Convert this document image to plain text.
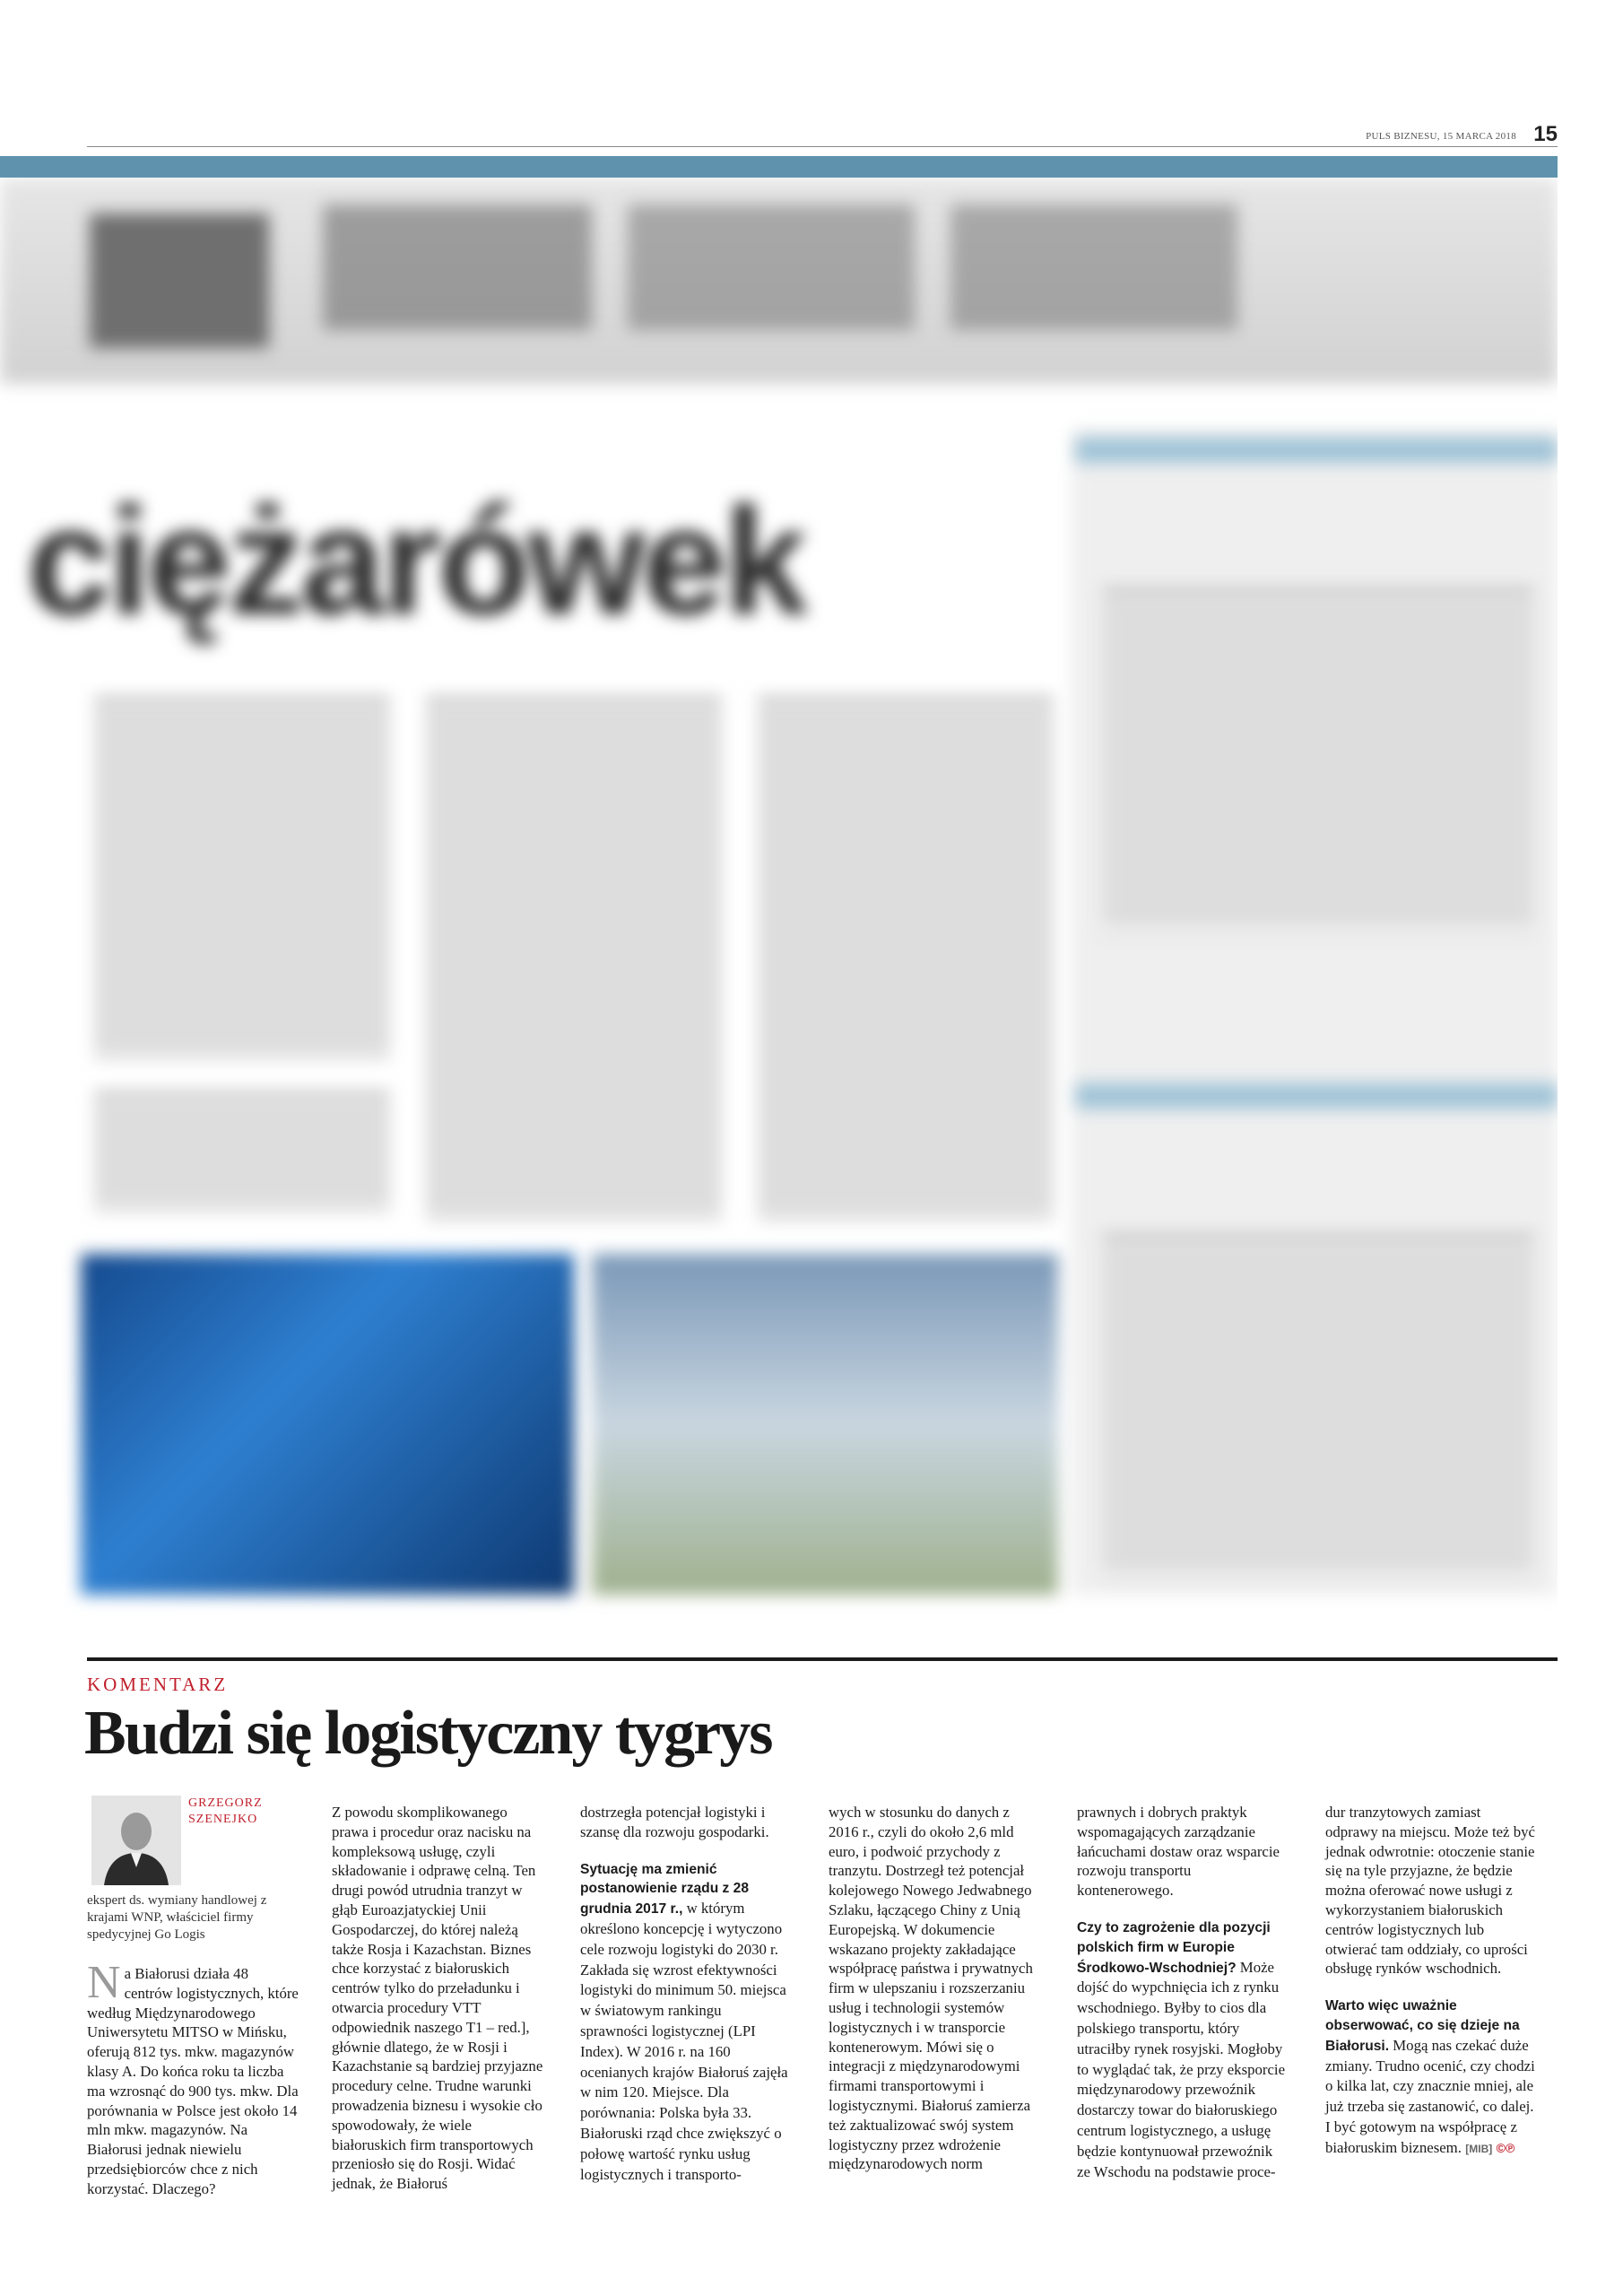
PULS BIZNESU, 15 MARCA 2018 15
ciężarówek
KOMENTARZ
Budzi się logistyczny tygrys
GRZEGORZ
SZENEJKO
ekspert ds. wymiany handlowej z krajami WNP, właściciel firmy spedycyjnej Go Logis
N a Białorusi działa 48 centrów logistycznych, które według Międzynarodowego Uniwersytetu MITSO w Mińsku, oferują 812 tys. mkw. magazynów klasy A. Do końca roku ta liczba ma wzrosnąć do 900 tys. mkw. Dla porównania w Polsce jest około 14 mln mkw. magazynów. Na Białorusi jednak niewielu przedsiębiorców chce z nich korzystać. Dlaczego?
Z powodu skomplikowanego prawa i procedur oraz nacisku na kompleksową usługę, czyli składowanie i odprawę celną. Ten drugi powód utrudnia tranzyt w głąb Euroazjatyckiej Unii Gospodarczej, do której należą także Rosja i Kazachstan. Biznes chce korzystać z białoruskich centrów tylko do przeładunku i otwarcia procedury VTT odpowiednik naszego T1 – red.], głównie dlatego, że w Rosji i Kazachstanie są bardziej przyjazne procedury celne. Trudne warunki prowadzenia biznesu i wysokie cło spowodowały, że wiele białoruskich firm transportowych przeniosło się do Rosji. Widać jednak, że Białoruś
dostrzegła potencjał logistyki i szansę dla rozwoju gospodarki.

Sytuację ma zmienić postanowienie rządu z 28 grudnia 2017 r., w którym określono koncepcję i wytyczono cele rozwoju logistyki do 2030 r. Zakłada się wzrost efektywności logistyki do minimum 50. miejsca w światowym rankingu sprawności logistycznej (LPI Index). W 2016 r. na 160 ocenianych krajów Białoruś zajęła w nim 120. Miejsce. Dla porównania: Polska była 33. Białoruski rząd chce zwiększyć o połowę wartość rynku usług logistycznych i transporto-

wych w stosunku do danych z 2016 r., czyli do około 2,6 mld euro, i podwoić przychody z tranzytu. Dostrzegł też potencjał kolejowego Nowego Jedwabnego Szlaku, łączącego Chiny z Unią Europejską. W dokumencie wskazano projekty zakładające współpracę państwa i prywatnych firm w ulepszaniu i rozszerzaniu usług i technologii systemów logistycznych i w transporcie kontenerowym. Mówi się o integracji z międzynarodowymi firmami transportowymi i logistycznymi. Białoruś zamierza też zaktualizować swój system logistyczny przez wdrożenie międzynarodowych norm
prawnych i dobrych praktyk wspomagających zarządzanie łańcuchami dostaw oraz wsparcie rozwoju transportu kontenerowego.

Czy to zagrożenie dla pozycji polskich firm w Europie Środkowo-Wschodniej? Może dojść do wypchnięcia ich z rynku wschodniego. Byłby to cios dla polskiego transportu, który utraciłby rynek rosyjski. Mogłoby to wyglądać tak, że przy eksporcie międzynarodowy przewoźnik dostarczy towar do białoruskiego centrum logistycznego, a usługę będzie kontynuował przewoźnik ze Wschodu na podstawie proce-

dur tranzytowych zamiast odprawy na miejscu. Może też być jednak odwrotnie: otoczenie stanie się na tyle przyjazne, że będzie można oferować nowe usługi z wykorzystaniem białoruskich centrów logistycznych lub otwierać tam oddziały, co uprości obsługę rynków wschodnich.

Warto więc uważnie obserwować, co się dzieje na Białorusi. Mogą nas czekać duże zmiany. Trudno ocenić, czy chodzi o kilka lat, czy znacznie mniej, ale już trzeba się zastanowić, co dalej. I być gotowym na współpracę z białoruskim biznesem. [MIB] ©℗
